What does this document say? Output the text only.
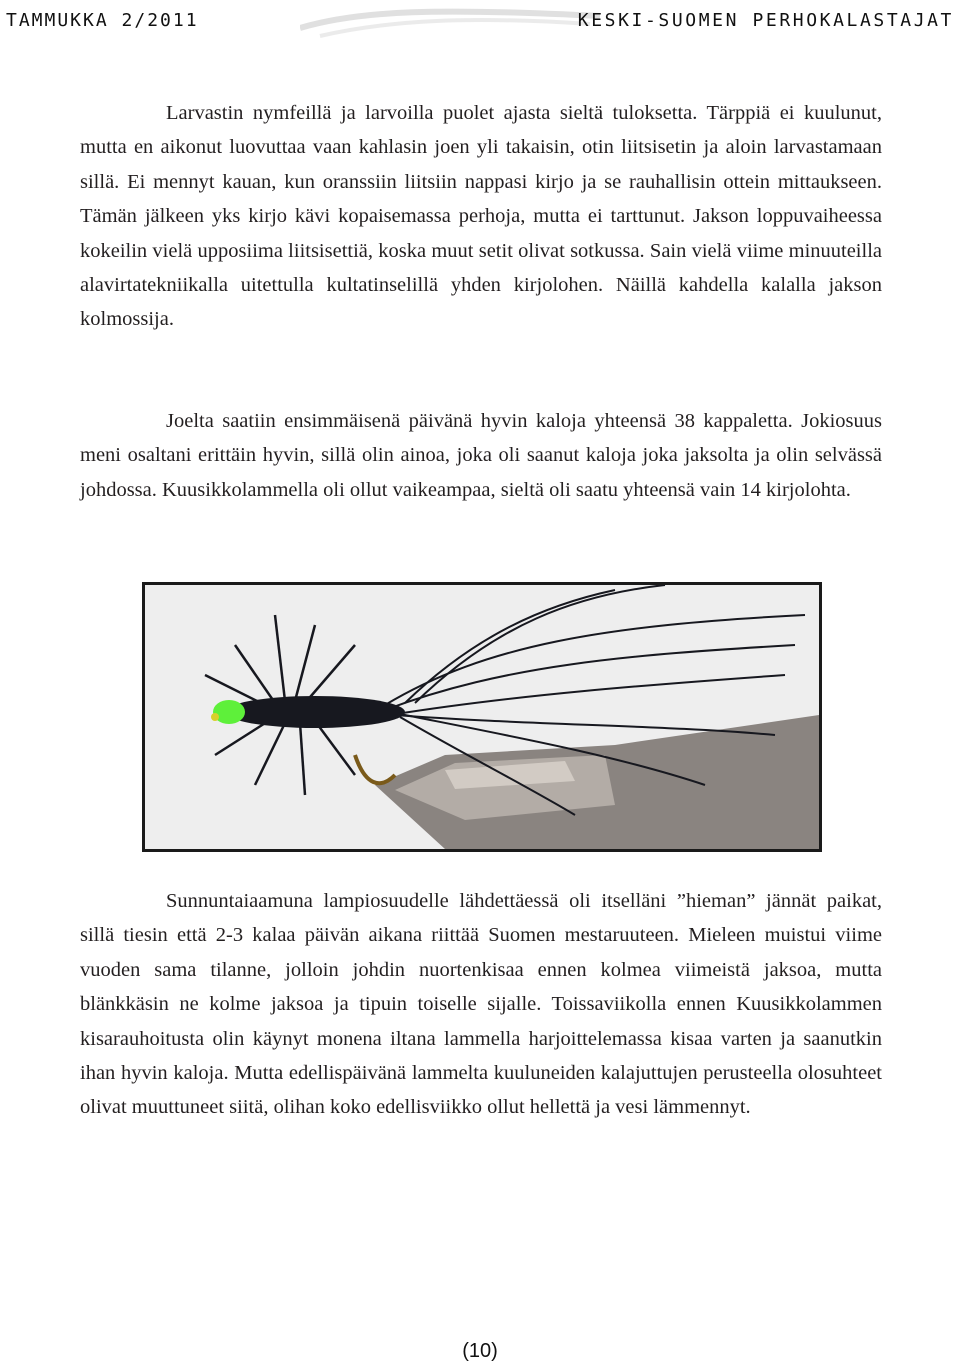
TAMMUKKA 2/2011	KESKI-SUOMEN PERHOKALASTAJAT

Larvastin nymfeillä ja larvoilla puolet ajasta sieltä tuloksetta. Tärppiä ei kuulunut, mutta en aikonut luovuttaa vaan kahlasin joen yli takaisin, otin liitsisetin ja aloin larvastamaan sillä. Ei mennyt kauan, kun oranssiin liitsiin nappasi kirjo ja se rauhallisin ottein mittaukseen. Tämän jälkeen yks kirjo kävi kopaisemassa perhoja, mutta ei tarttunut. Jakson loppuvaiheessa kokeilin vielä upposiima liitsisettiä, koska muut setit olivat sotkussa. Sain vielä viime minuuteilla alavirtatekniikalla uitettulla kultatinselillä yhden kirjolohen. Näillä kahdella kalalla jakson kolmossija.

Joelta saatiin ensimmäisenä päivänä hyvin kaloja yhteensä 38 kappaletta. Jokiosuus meni osaltani erittäin hyvin, sillä olin ainoa, joka oli saanut kaloja joka jaksolta ja olin selvässä johdossa. Kuusikkolammella oli ollut vaikeampaa, sieltä oli saatu yhteensä vain 14 kirjolohta.

Sunnuntaiaamuna lampiosuudelle lähdettäessä oli itselläni ”hieman” jännät paikat, sillä tiesin että 2-3 kalaa päivän aikana riittää Suomen mestaruuteen. Mieleen muistui viime vuoden sama tilanne, jolloin johdin nuortenkisaa ennen kolmea viimeistä jaksoa, mutta blänkkäsin ne kolme jaksoa ja tipuin toiselle sijalle. Toissaviikolla ennen Kuusikkolammen kisarauhoitusta olin käynyt monena iltana lammella harjoittelemassa kisaa varten ja saanutkin ihan hyvin kaloja. Mutta edellispäivänä lammelta kuuluneiden kalajuttujen perusteella olosuhteet olivat muuttuneet siitä, olihan koko edellisviikko ollut hellettä ja vesi lämmennyt.

(10)
